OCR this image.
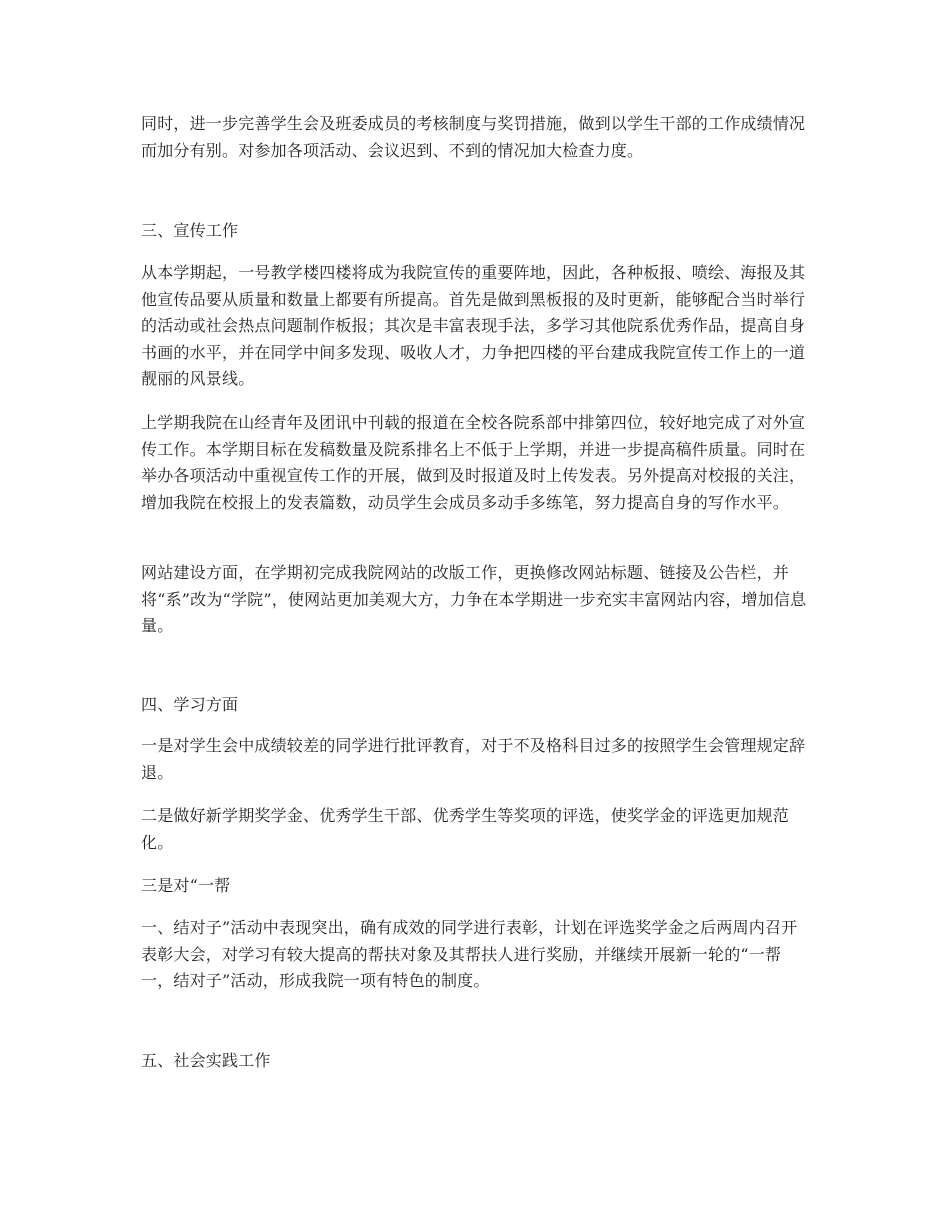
同时，进一步完善学生会及班委成员的考核制度与奖罚措施，做到以学生干部的工作成绩情况而加分有别。对参加各项活动、会议迟到、不到的情况加大检查力度。

三、宣传工作

从本学期起，一号教学楼四楼将成为我院宣传的重要阵地，因此，各种板报、喷绘、海报及其他宣传品要从质量和数量上都要有所提高。首先是做到黑板报的及时更新，能够配合当时举行的活动或社会热点问题制作板报；其次是丰富表现手法，多学习其他院系优秀作品，提高自身书画的水平，并在同学中间多发现、吸收人才，力争把四楼的平台建成我院宣传工作上的一道靓丽的风景线。

上学期我院在山经青年及团讯中刊载的报道在全校各院系部中排第四位，较好地完成了对外宣传工作。本学期目标在发稿数量及院系排名上不低于上学期，并进一步提高稿件质量。同时在举办各项活动中重视宣传工作的开展，做到及时报道及时上传发表。另外提高对校报的关注，增加我院在校报上的发表篇数，动员学生会成员多动手多练笔，努力提高自身的写作水平。

网站建设方面，在学期初完成我院网站的改版工作，更换修改网站标题、链接及公告栏，并将“系”改为“学院”，使网站更加美观大方，力争在本学期进一步充实丰富网站内容，增加信息量。

四、学习方面

一是对学生会中成绩较差的同学进行批评教育，对于不及格科目过多的按照学生会管理规定辞退。

二是做好新学期奖学金、优秀学生干部、优秀学生等奖项的评选，使奖学金的评选更加规范化。

三是对“一帮

一、结对子”活动中表现突出，确有成效的同学进行表彰，计划在评选奖学金之后两周内召开表彰大会，对学习有较大提高的帮扶对象及其帮扶人进行奖励，并继续开展新一轮的“一帮一，结对子”活动，形成我院一项有特色的制度。

五、社会实践工作
